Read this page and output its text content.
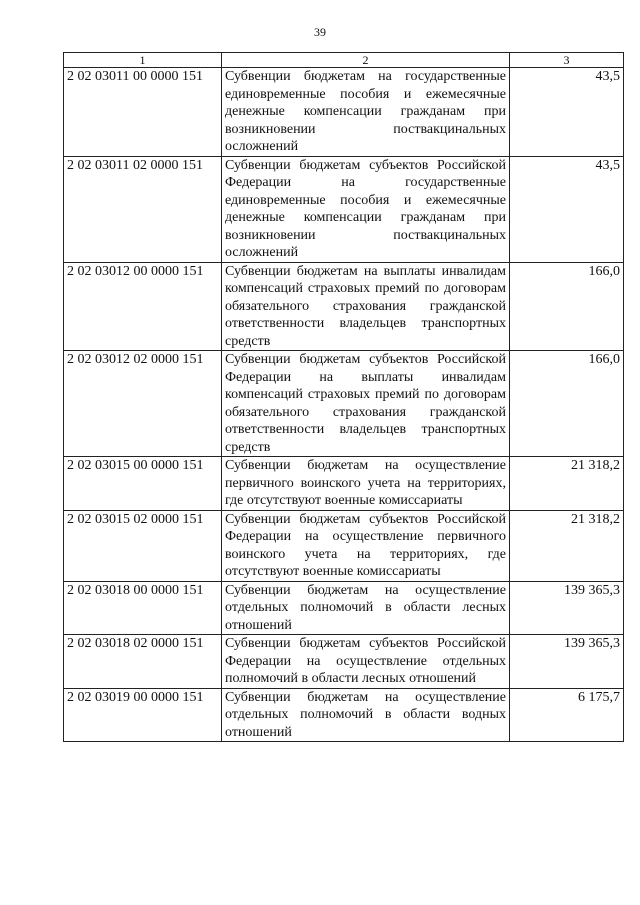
39
1	2	3
2 02 03011 00 0000 151	Субвенции бюджетам на государственные единовременные пособия и ежемесячные денежные компенсации гражданам при возникновении поствакцинальных осложнений	43,5
2 02 03011 02 0000 151	Субвенции бюджетам субъектов Российской Федерации на государственные единовременные пособия и ежемесячные денежные компенсации гражданам при возникновении поствакцинальных осложнений	43,5
2 02 03012 00 0000 151	Субвенции бюджетам на выплаты инвалидам компенсаций страховых премий по договорам обязательного страхования гражданской ответственности владельцев транспортных средств	166,0
2 02 03012 02 0000 151	Субвенции бюджетам субъектов Российской Федерации на выплаты инвалидам компенсаций страховых премий по договорам обязательного страхования гражданской ответственности владельцев транспортных средств	166,0
2 02 03015 00 0000 151	Субвенции бюджетам на осуществление первичного воинского учета на территориях, где отсутствуют военные комиссариаты	21 318,2
2 02 03015 02 0000 151	Субвенции бюджетам субъектов Российской Федерации на осуществление первичного воинского учета на территориях, где отсутствуют военные комиссариаты	21 318,2
2 02 03018 00 0000 151	Субвенции бюджетам на осуществление отдельных полномочий в области лесных отношений	139 365,3
2 02 03018 02 0000 151	Субвенции бюджетам субъектов Российской Федерации на осуществление отдельных полномочий в области лесных отношений	139 365,3
2 02 03019 00 0000 151	Субвенции бюджетам на осуществление отдельных полномочий в области водных отношений	6 175,7
